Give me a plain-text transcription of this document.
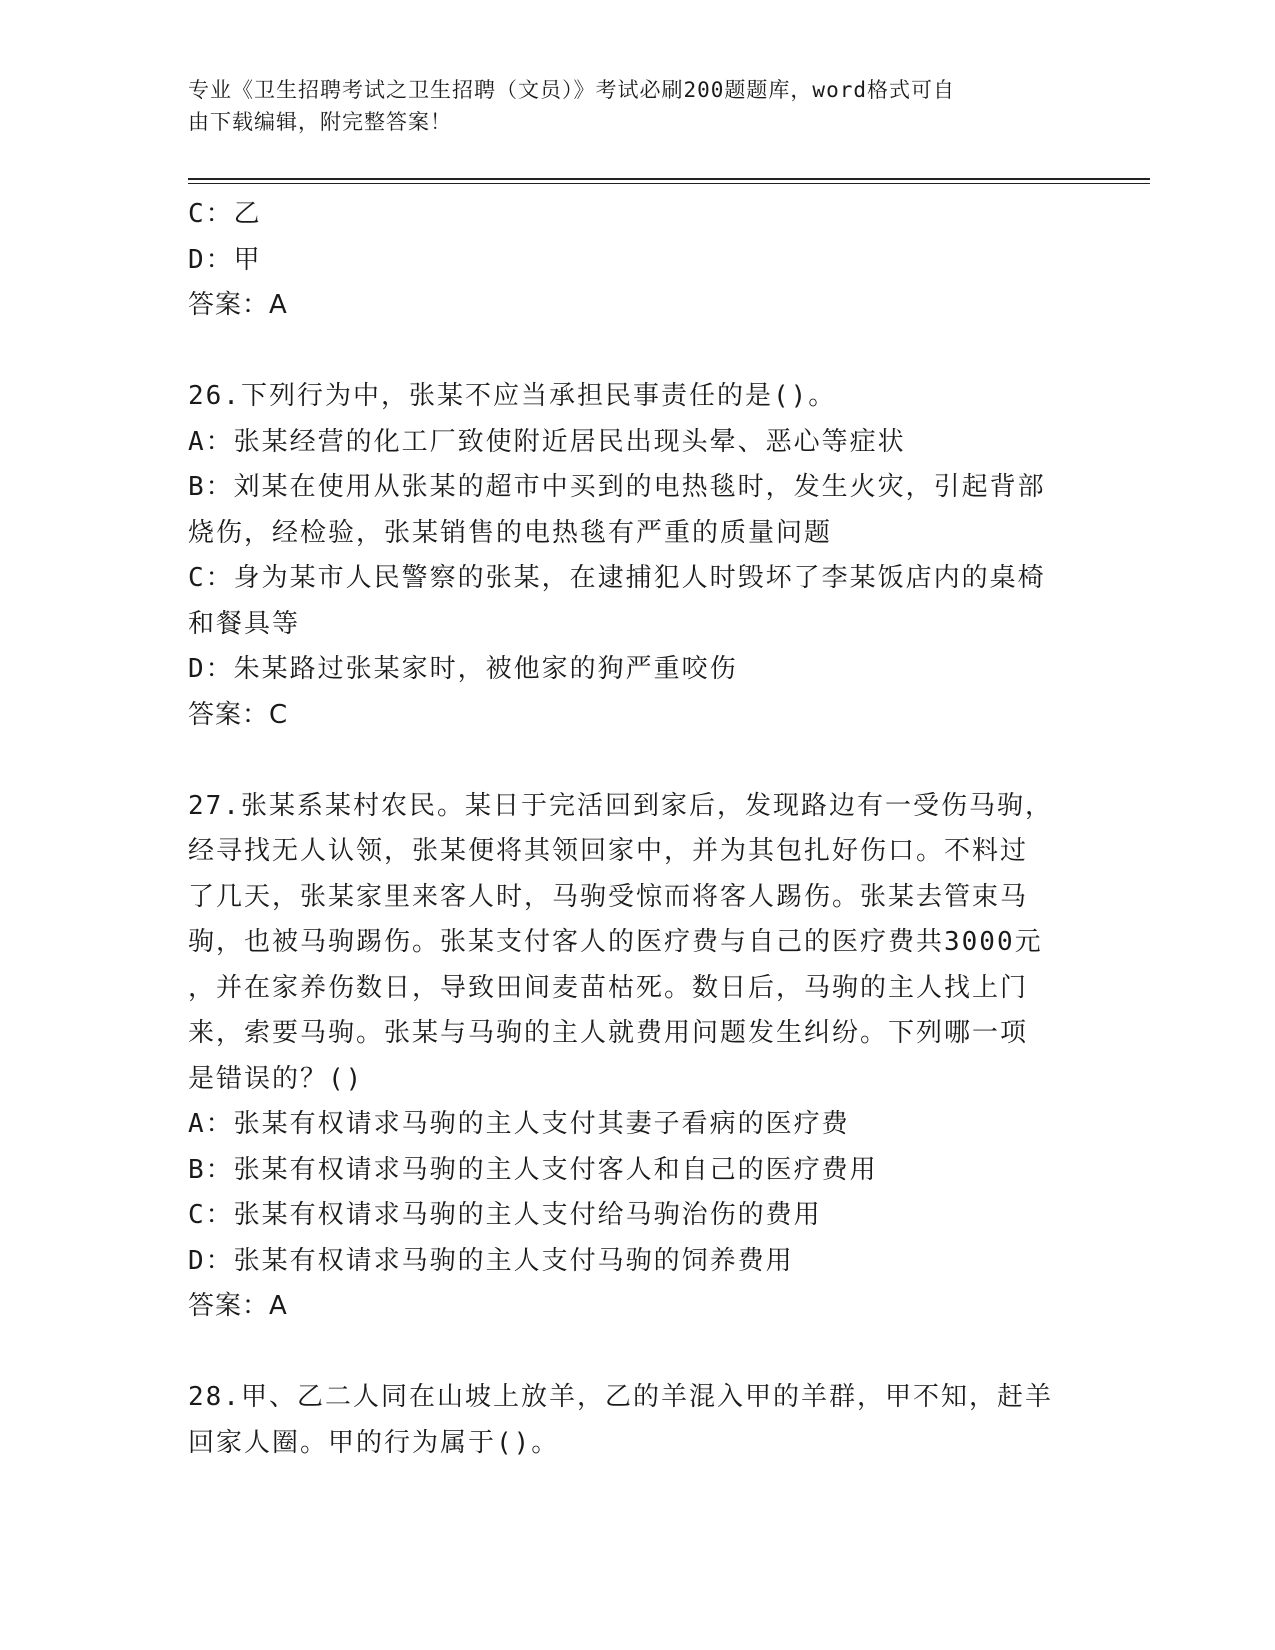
专业《卫生招聘考试之卫生招聘（文员）》考试必刷200题题库，word格式可自
由下载编辑，附完整答案！

C：乙

D：甲

答案：A

26.下列行为中，张某不应当承担民事责任的是()。

A：张某经营的化工厂致使附近居民出现头晕、恶心等症状

B：刘某在使用从张某的超市中买到的电热毯时，发生火灾，引起背部

烧伤，经检验，张某销售的电热毯有严重的质量问题

C：身为某市人民警察的张某，在逮捕犯人时毁坏了李某饭店内的桌椅

和餐具等

D：朱某路过张某家时，被他家的狗严重咬伤

答案：C

27.张某系某村农民。某日于完活回到家后，发现路边有一受伤马驹，

经寻找无人认领，张某便将其领回家中，并为其包扎好伤口。不料过

了几天，张某家里来客人时，马驹受惊而将客人踢伤。张某去管束马

驹，也被马驹踢伤。张某支付客人的医疗费与自己的医疗费共3000元

，并在家养伤数日，导致田间麦苗枯死。数日后，马驹的主人找上门

来，索要马驹。张某与马驹的主人就费用问题发生纠纷。下列哪一项

是错误的？()

A：张某有权请求马驹的主人支付其妻子看病的医疗费

B：张某有权请求马驹的主人支付客人和自己的医疗费用

C：张某有权请求马驹的主人支付给马驹治伤的费用

D：张某有权请求马驹的主人支付马驹的饲养费用

答案：A

28.甲、乙二人同在山坡上放羊，乙的羊混入甲的羊群，甲不知，赶羊

回家人圈。甲的行为属于()。
